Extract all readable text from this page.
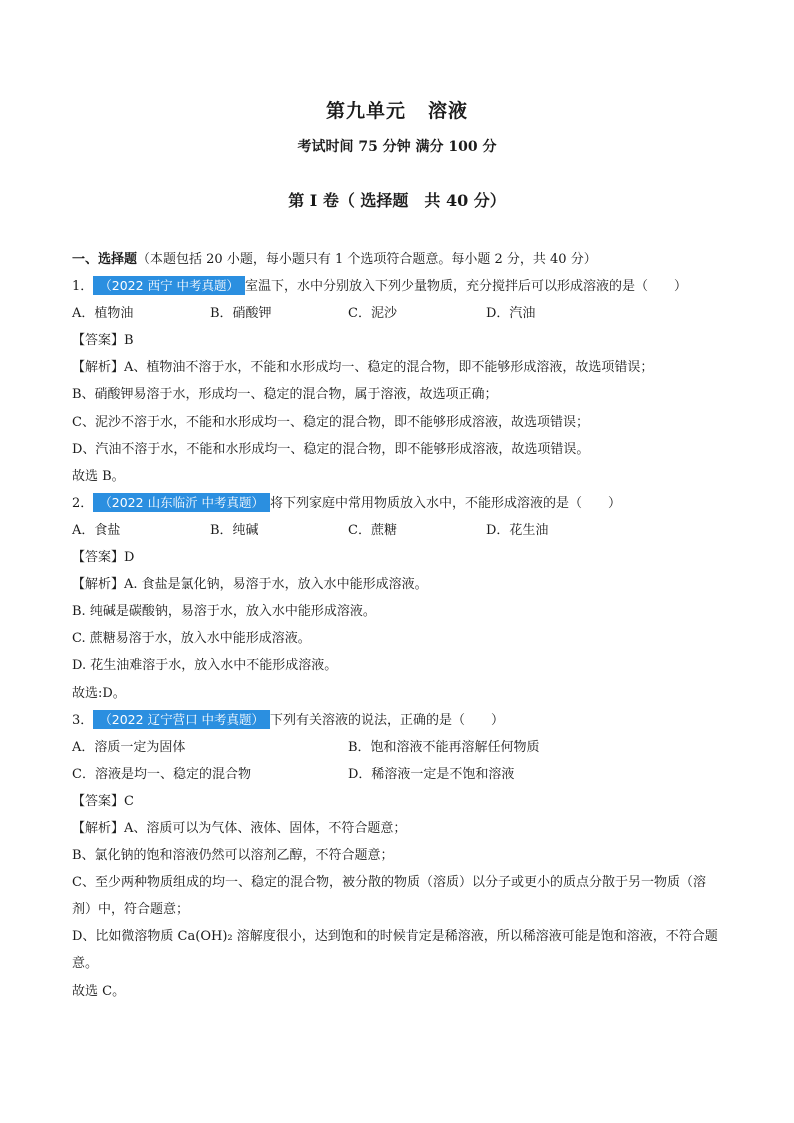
第九单元 溶液
考试时间 75 分钟 满分 100 分
第 I 卷（ 选择题　共 40 分）
一、选择题（本题包括 20 小题，每小题只有 1 个选项符合题意。每小题 2 分，共 40 分）
1． （2022 西宁 中考真题） 室温下，水中分别放入下列少量物质，充分搅拌后可以形成溶液的是（　　）
A．植物油	B．硝酸钾	C．泥沙	D．汽油
【答案】B
【解析】A、植物油不溶于水，不能和水形成均一、稳定的混合物，即不能够形成溶液，故选项错误；
B、硝酸钾易溶于水，形成均一、稳定的混合物，属于溶液，故选项正确；
C、泥沙不溶于水，不能和水形成均一、稳定的混合物，即不能够形成溶液，故选项错误；
D、汽油不溶于水，不能和水形成均一、稳定的混合物，即不能够形成溶液，故选项错误。
故选 B。
2． （2022 山东临沂 中考真题） 将下列家庭中常用物质放入水中，不能形成溶液的是（　　）
A．食盐	B．纯碱	C．蔗糖	D．花生油
【答案】D
【解析】A. 食盐是氯化钠，易溶于水，放入水中能形成溶液。
B. 纯碱是碳酸钠，易溶于水，放入水中能形成溶液。
C. 蔗糖易溶于水，放入水中能形成溶液。
D. 花生油难溶于水，放入水中不能形成溶液。
故选:D。
3． （2022 辽宁营口 中考真题） 下列有关溶液的说法，正确的是（　　）
A．溶质一定为固体	B．饱和溶液不能再溶解任何物质
C．溶液是均一、稳定的混合物	D．稀溶液一定是不饱和溶液
【答案】C
【解析】A、溶质可以为气体、液体、固体，不符合题意；
B、氯化钠的饱和溶液仍然可以溶剂乙醇，不符合题意；
C、至少两种物质组成的均一、稳定的混合物，被分散的物质（溶质）以分子或更小的质点分散于另一物质（溶剂）中，符合题意；
D、比如微溶物质 Ca(OH)₂ 溶解度很小，达到饱和的时候肯定是稀溶液，所以稀溶液可能是饱和溶液，不符合题意。
故选 C。
